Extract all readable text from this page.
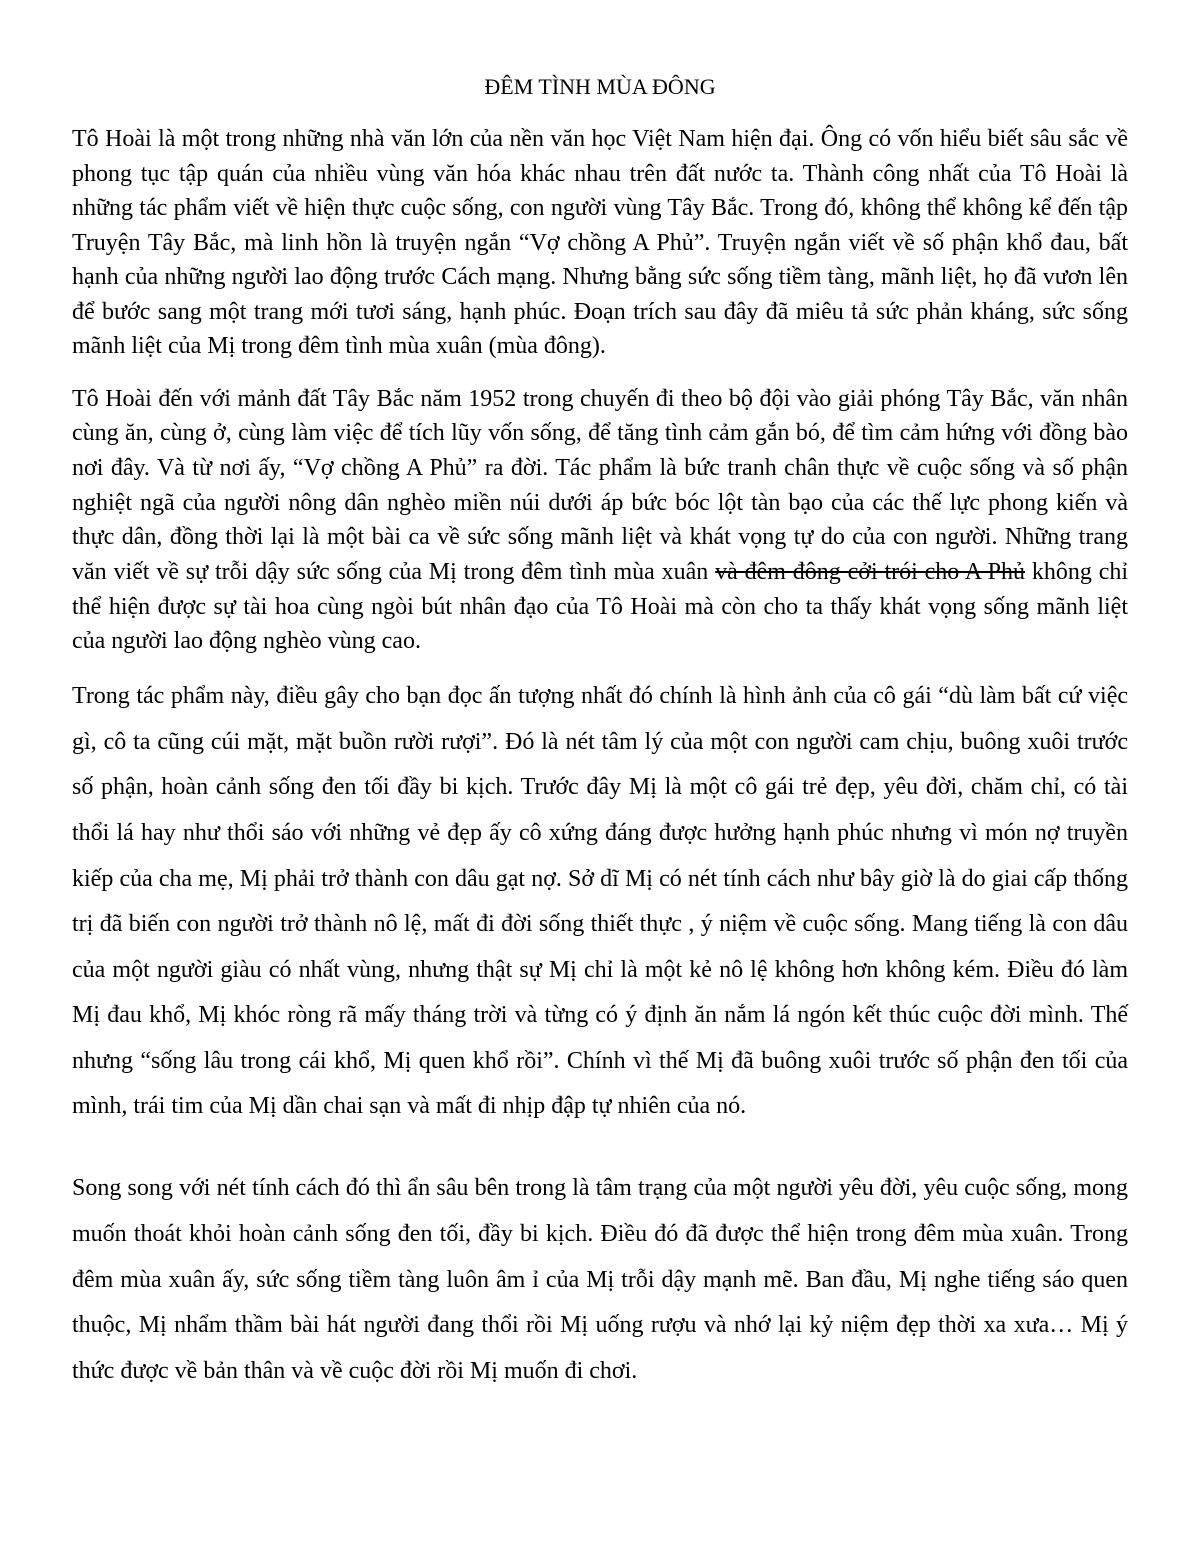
ĐÊM TÌNH MÙA ĐÔNG

Tô Hoài là một trong những nhà văn lớn của nền văn học Việt Nam hiện đại. Ông có vốn hiểu biết sâu sắc về phong tục tập quán của nhiều vùng văn hóa khác nhau trên đất nước ta. Thành công nhất của Tô Hoài là những tác phẩm viết về hiện thực cuộc sống, con người vùng Tây Bắc. Trong đó, không thể không kể đến tập Truyện Tây Bắc, mà linh hồn là truyện ngắn “Vợ chồng A Phủ”. Truyện ngắn viết về số phận khổ đau, bất hạnh của những người lao động trước Cách mạng. Nhưng bằng sức sống tiềm tàng, mãnh liệt, họ đã vươn lên để bước sang một trang mới tươi sáng, hạnh phúc. Đoạn trích sau đây đã miêu tả sức phản kháng, sức sống mãnh liệt của Mị trong đêm tình mùa xuân (mùa đông).

Tô Hoài đến với mảnh đất Tây Bắc năm 1952 trong chuyến đi theo bộ đội vào giải phóng Tây Bắc, văn nhân cùng ăn, cùng ở, cùng làm việc để tích lũy vốn sống, để tăng tình cảm gắn bó, để tìm cảm hứng với đồng bào nơi đây. Và từ nơi ấy, “Vợ chồng A Phủ” ra đời. Tác phẩm là bức tranh chân thực về cuộc sống và số phận nghiệt ngã của người nông dân nghèo miền núi dưới áp bức bóc lột tàn bạo của các thế lực phong kiến và thực dân, đồng thời lại là một bài ca về sức sống mãnh liệt và khát vọng tự do của con người. Những trang văn viết về sự trỗi dậy sức sống của Mị trong đêm tình mùa xuân và đêm đông cởi trói cho A Phủ không chỉ thể hiện được sự tài hoa cùng ngòi bút nhân đạo của Tô Hoài mà còn cho ta thấy khát vọng sống mãnh liệt của người lao động nghèo vùng cao.

Trong tác phẩm này, điều gây cho bạn đọc ấn tượng nhất đó chính là hình ảnh của cô gái “dù làm bất cứ việc gì, cô ta cũng cúi mặt, mặt buồn rười rượi”. Đó là nét tâm lý của một con người cam chịu, buông xuôi trước số phận, hoàn cảnh sống đen tối đầy bi kịch. Trước đây Mị là một cô gái trẻ đẹp, yêu đời, chăm chỉ, có tài thổi lá hay như thổi sáo với những vẻ đẹp ấy cô xứng đáng được hưởng hạnh phúc nhưng vì món nợ truyền kiếp của cha mẹ, Mị phải trở thành con dâu gạt nợ. Sở dĩ Mị có nét tính cách như bây giờ là do giai cấp thống trị đã biến con người trở thành nô lệ, mất đi đời sống thiết thực , ý niệm về cuộc sống. Mang tiếng là con dâu của một người giàu có nhất vùng, nhưng thật sự Mị chỉ là một kẻ nô lệ không hơn không kém. Điều đó làm Mị đau khổ, Mị khóc ròng rã mấy tháng trời và từng có ý định ăn nắm lá ngón kết thúc cuộc đời mình. Thế nhưng “sống lâu trong cái khổ, Mị quen khổ rồi”. Chính vì thế Mị đã buông xuôi trước số phận đen tối của mình, trái tim của Mị dần chai sạn và mất đi nhịp đập tự nhiên của nó.

Song song với nét tính cách đó thì ẩn sâu bên trong là tâm trạng của một người yêu đời, yêu cuộc sống, mong muốn thoát khỏi hoàn cảnh sống đen tối, đầy bi kịch. Điều đó đã được thể hiện trong đêm mùa xuân. Trong đêm mùa xuân ấy, sức sống tiềm tàng luôn âm ỉ của Mị trỗi dậy mạnh mẽ. Ban đầu, Mị nghe tiếng sáo quen thuộc, Mị nhẩm thầm bài hát người đang thổi rồi Mị uống rượu và nhớ lại kỷ niệm đẹp thời xa xưa… Mị ý thức được về bản thân và về cuộc đời rồi Mị muốn đi chơi.
